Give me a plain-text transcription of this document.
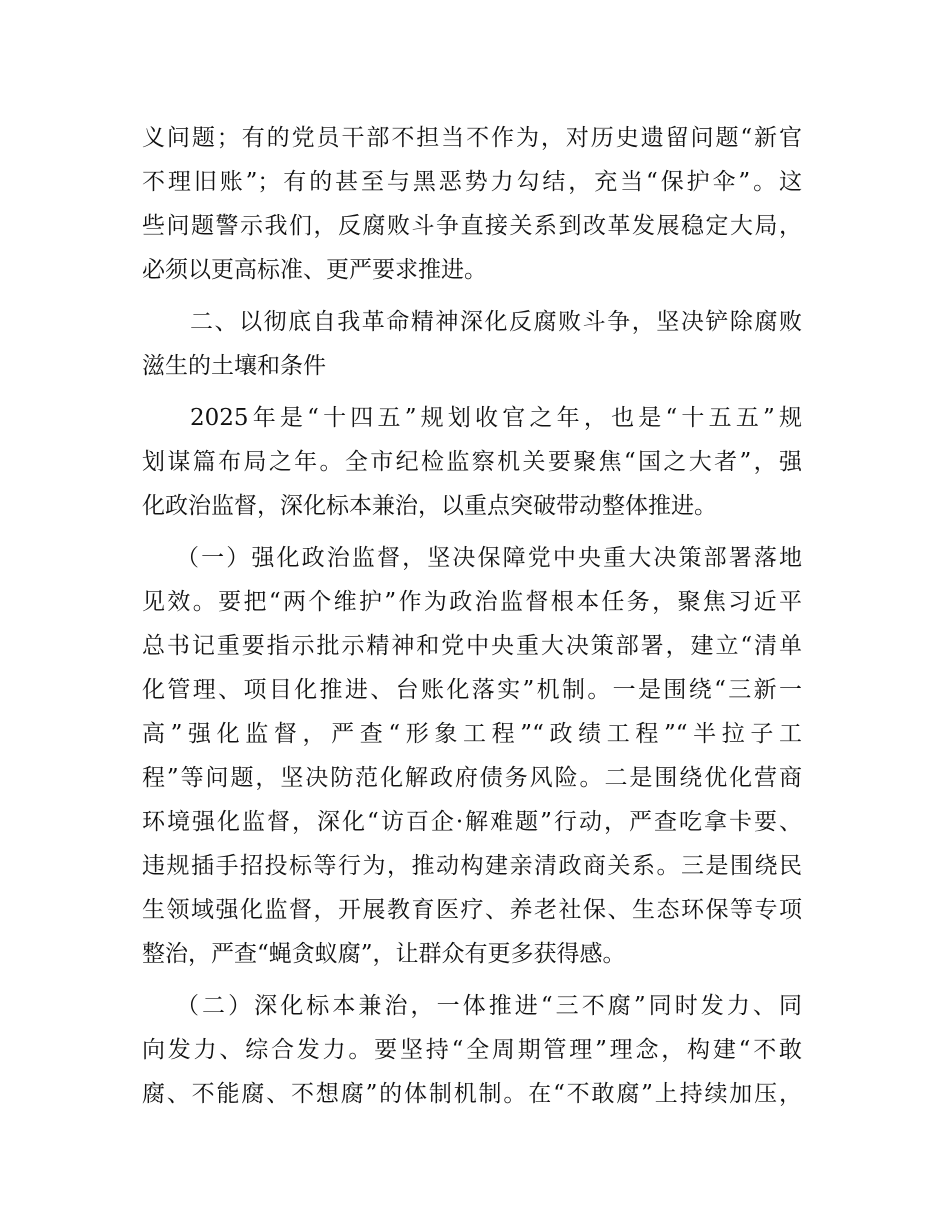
义问题；有的党员干部不担当不作为，对历史遗留问题“新官
不理旧账”；有的甚至与黑恶势力勾结，充当“保护伞”。这
些问题警示我们，反腐败斗争直接关系到改革发展稳定大局，
必须以更高标准、更严要求推进。
二、以彻底自我革命精神深化反腐败斗争，坚决铲除腐败
滋生的土壤和条件
2025年是“十四五”规划收官之年，也是“十五五”规
划谋篇布局之年。全市纪检监察机关要聚焦“国之大者”，强
化政治监督，深化标本兼治，以重点突破带动整体推进。
（一）强化政治监督，坚决保障党中央重大决策部署落地
见效。要把“两个维护”作为政治监督根本任务，聚焦习近平
总书记重要指示批示精神和党中央重大决策部署，建立“清单
化管理、项目化推进、台账化落实”机制。一是围绕“三新一
高”强化监督，严查“形象工程”“政绩工程”“半拉子工
程”等问题，坚决防范化解政府债务风险。二是围绕优化营商
环境强化监督，深化“访百企·解难题”行动，严查吃拿卡要、
违规插手招投标等行为，推动构建亲清政商关系。三是围绕民
生领域强化监督，开展教育医疗、养老社保、生态环保等专项
整治，严查“蝇贪蚁腐”，让群众有更多获得感。
（二）深化标本兼治，一体推进“三不腐”同时发力、同
向发力、综合发力。要坚持“全周期管理”理念，构建“不敢
腐、不能腐、不想腐”的体制机制。在“不敢腐”上持续加压，
